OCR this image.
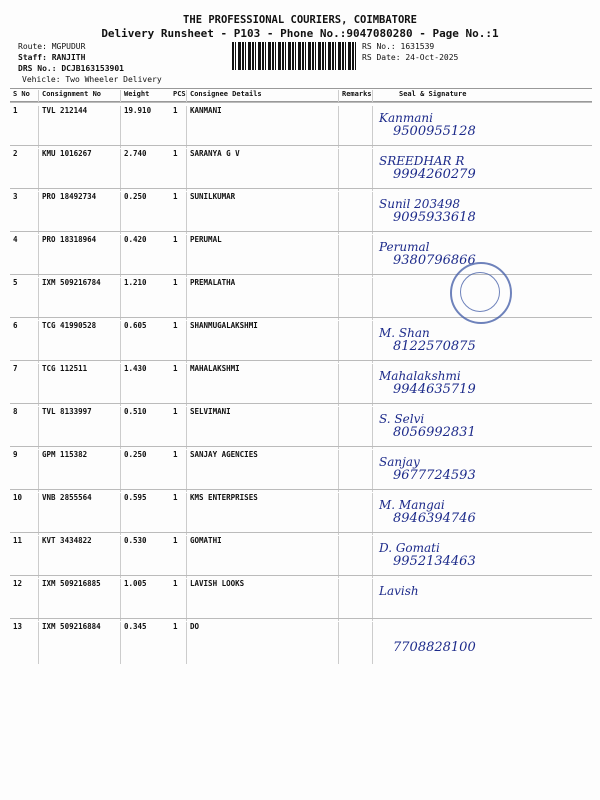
THE PROFESSIONAL COURIERS, COIMBATORE
Delivery Runsheet - P103 - Phone No.:9047080280 - Page No.:1
Route: MGPUDUR
Staff: RANJITH
DRS No.: DCJB163153901
Vehicle: Two Wheeler Delivery
RS No.: 1631539
RS Date: 24-Oct-2025
S No	Consignment No	Weight	PCS Consignee Details	Remarks	Seal & Signature
1	TVL 212144	19.910	1	KANMANI
Kanmani
9500955128
2	KMU 1016267	2.740	1	SARANYA G V
SREEDHAR R
9994260279
3	PRO 18492734	0.250	1	SUNILKUMAR
Sunil 203498
9095933618
4	PRO 18318964	0.420	1	PERUMAL
Perumal
9380796866
5	IXM 509216784	1.210	1	PREMALATHA

6	TCG 41990528	0.605	1	SHANMUGALAKSHMI
M. Shan
8122570875
7	TCG 112511	1.430	1	MAHALAKSHMI
Mahalakshmi
9944635719
8	TVL 8133997	0.510	1	SELVIMANI
S. Selvi
8056992831
9	GPM 115382	0.250	1	SANJAY AGENCIES
Sanjay
9677724593
10	VNB 2855564	0.595	1	KMS ENTERPRISES
M. Mangai
8946394746
11	KVT 3434822	0.530	1	GOMATHI
D. Gomati
9952134463
12	IXM 509216885	1.005	1	LAVISH LOOKS
Lavish

13	IXM 509216884	0.345	1	DO

7708828100
